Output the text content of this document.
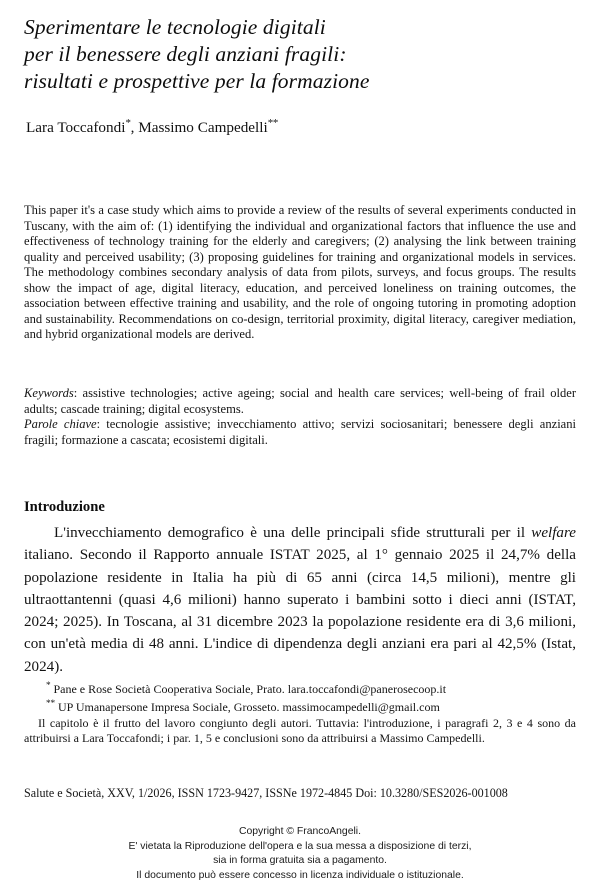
Sperimentare le tecnologie digitali
per il benessere degli anziani fragili:
risultati e prospettive per la formazione
Lara Toccafondi*, Massimo Campedelli**

This paper it's a case study which aims to provide a review of the results of several experiments conducted in Tuscany, with the aim of: (1) identifying the individual and organizational factors that influence the use and effectiveness of technology training for the elderly and caregivers; (2) analysing the link between training quality and perceived usability; (3) proposing guidelines for training and organizational models in services. The methodology combines secondary analysis of data from pilots, surveys, and focus groups. The results show the impact of age, digital literacy, education, and perceived loneliness on training outcomes, the association between effective training and usability, and the role of ongoing tutoring in promoting adoption and sustainability. Recommendations on co-design, territorial proximity, digital literacy, caregiver mediation, and hybrid organizational models are derived.

Keywords: assistive technologies; active ageing; social and health care services; well-being of frail older adults; cascade training; digital ecosystems.

Parole chiave: tecnologie assistive; invecchiamento attivo; servizi sociosanitari; benessere degli anziani fragili; formazione a cascata; ecosistemi digitali.

Introduzione

L'invecchiamento demografico è una delle principali sfide strutturali per il welfare italiano. Secondo il Rapporto annuale ISTAT 2025, al 1° gennaio 2025 il 24,7% della popolazione residente in Italia ha più di 65 anni (circa 14,5 milioni), mentre gli ultraottantenni (quasi 4,6 milioni) hanno superato i bambini sotto i dieci anni (ISTAT, 2024; 2025). In Toscana, al 31 dicembre 2023 la popolazione residente era di 3,6 milioni, con un'età media di 48 anni. L'indice di dipendenza degli anziani era pari al 42,5% (Istat, 2024).

* Pane e Rose Società Cooperativa Sociale, Prato. lara.toccafondi@panerosecoop.it

** UP Umanapersone Impresa Sociale, Grosseto. massimocampedelli@gmail.com

Il capitolo è il frutto del lavoro congiunto degli autori. Tuttavia: l'introduzione, i paragrafi 2, 3 e 4 sono da attribuirsi a Lara Toccafondi; i par. 1, 5 e conclusioni sono da attribuirsi a Massimo Campedelli.

Salute e Società, XXV, 1/2026, ISSN 1723-9427, ISSNe 1972-4845 Doi: 10.3280/SES2026-001008
Copyright © FrancoAngeli.
E' vietata la Riproduzione dell'opera e la sua messa a disposizione di terzi,
sia in forma gratuita sia a pagamento.
Il documento può essere concesso in licenza individuale o istituzionale.
